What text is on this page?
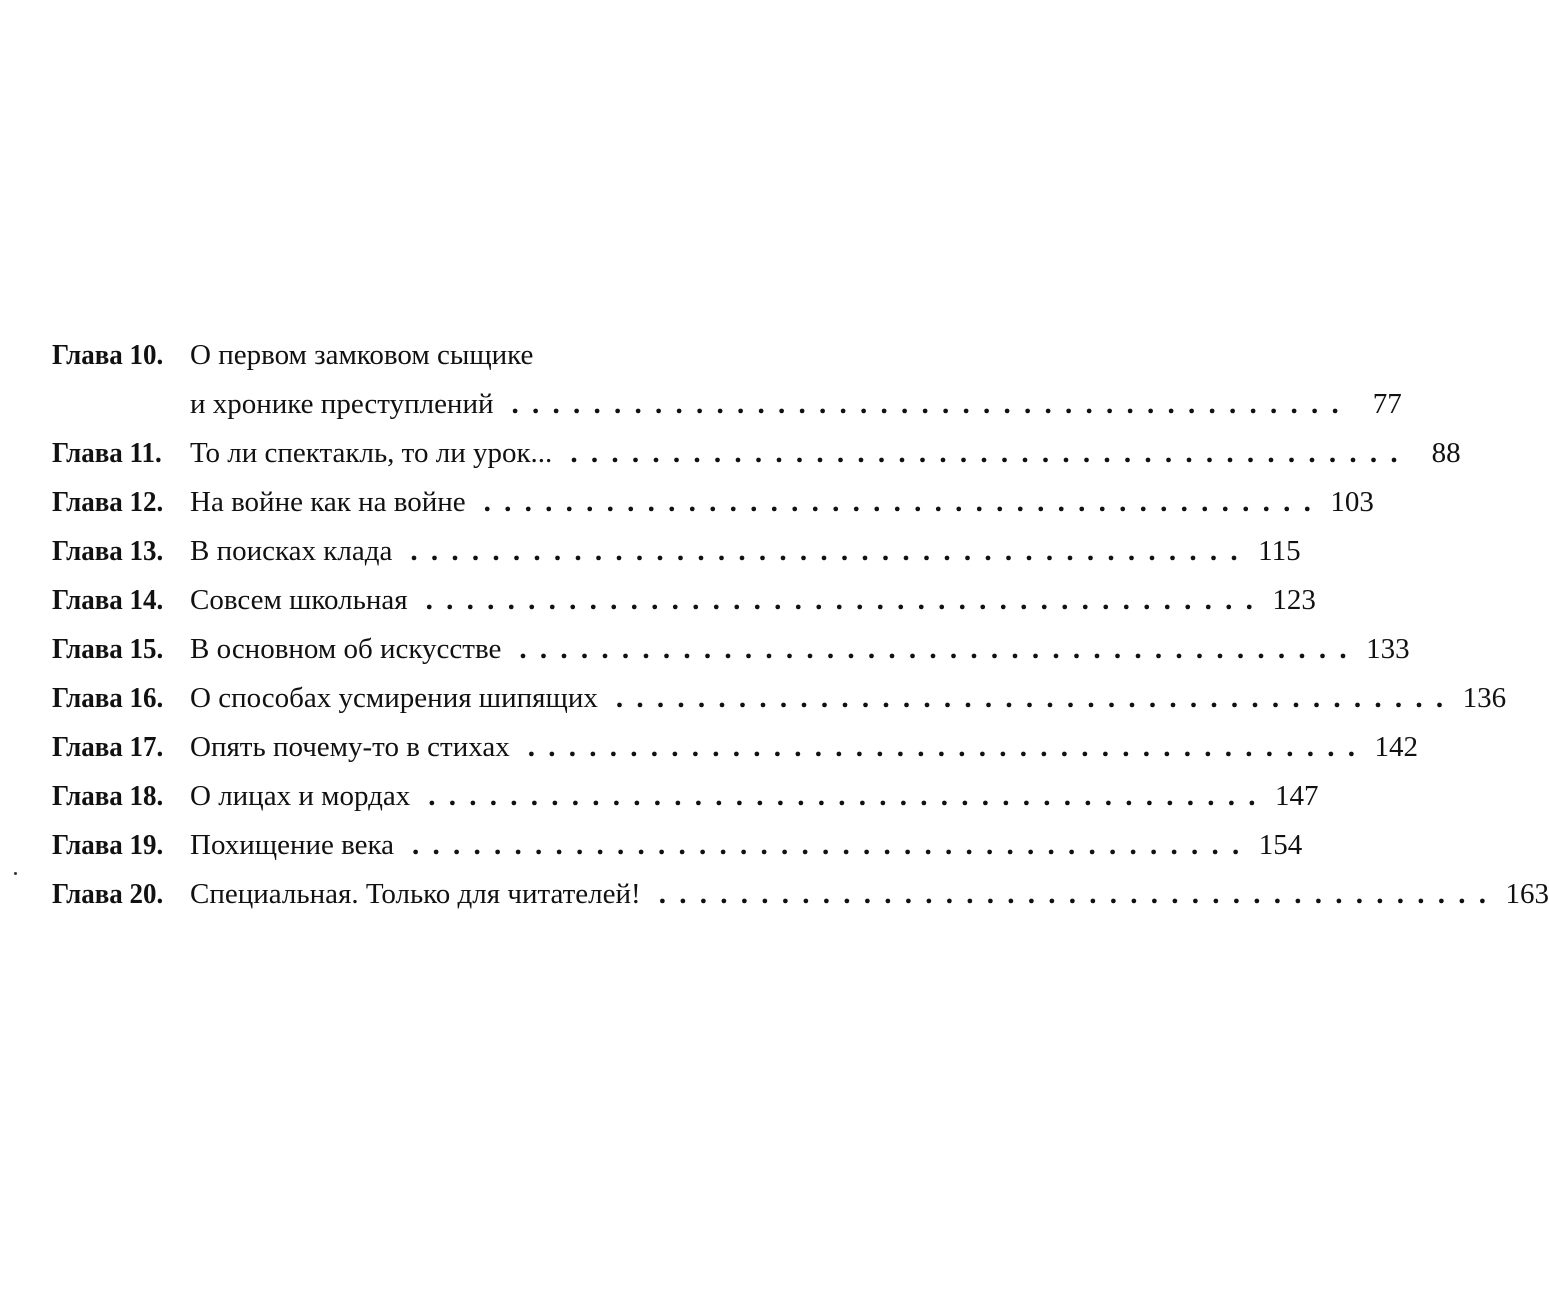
Глава 10. О первом замковом сыщике
и хронике преступлений . . . . . . . . . . . . . . . . . . . . . . . . . . . . . . . . . . . . . . . . .	77
Глава 11. То ли спектакль, то ли урок... . . . . . . . . . . . . . . . . . . . . . . . . . . . . . . . . . . . . . . . . .	88
Глава 12. На войне как на войне . . . . . . . . . . . . . . . . . . . . . . . . . . . . . . . . . . . . . . . . . 103
Глава 13. В поисках клада . . . . . . . . . . . . . . . . . . . . . . . . . . . . . . . . . . . . . . . . . 115
Глава 14. Совсем школьная . . . . . . . . . . . . . . . . . . . . . . . . . . . . . . . . . . . . . . . . . 123
Глава 15. В основном об искусстве . . . . . . . . . . . . . . . . . . . . . . . . . . . . . . . . . . . . . . . . . 133
Глава 16. О способах усмирения шипящих . . . . . . . . . . . . . . . . . . . . . . . . . . . . . . . . . . . . . . . . . 136
Глава 17. Опять почему-то в стихах . . . . . . . . . . . . . . . . . . . . . . . . . . . . . . . . . . . . . . . . . 142
Глава 18. О лицах и мордах . . . . . . . . . . . . . . . . . . . . . . . . . . . . . . . . . . . . . . . . . 147
Глава 19. Похищение века . . . . . . . . . . . . . . . . . . . . . . . . . . . . . . . . . . . . . . . . . 154
Глава 20. Специальная. Только для читателей! . . . . . . . . . . . . . . . . . . . . . . . . . . . . . . . . . . . . . . . . . 163
